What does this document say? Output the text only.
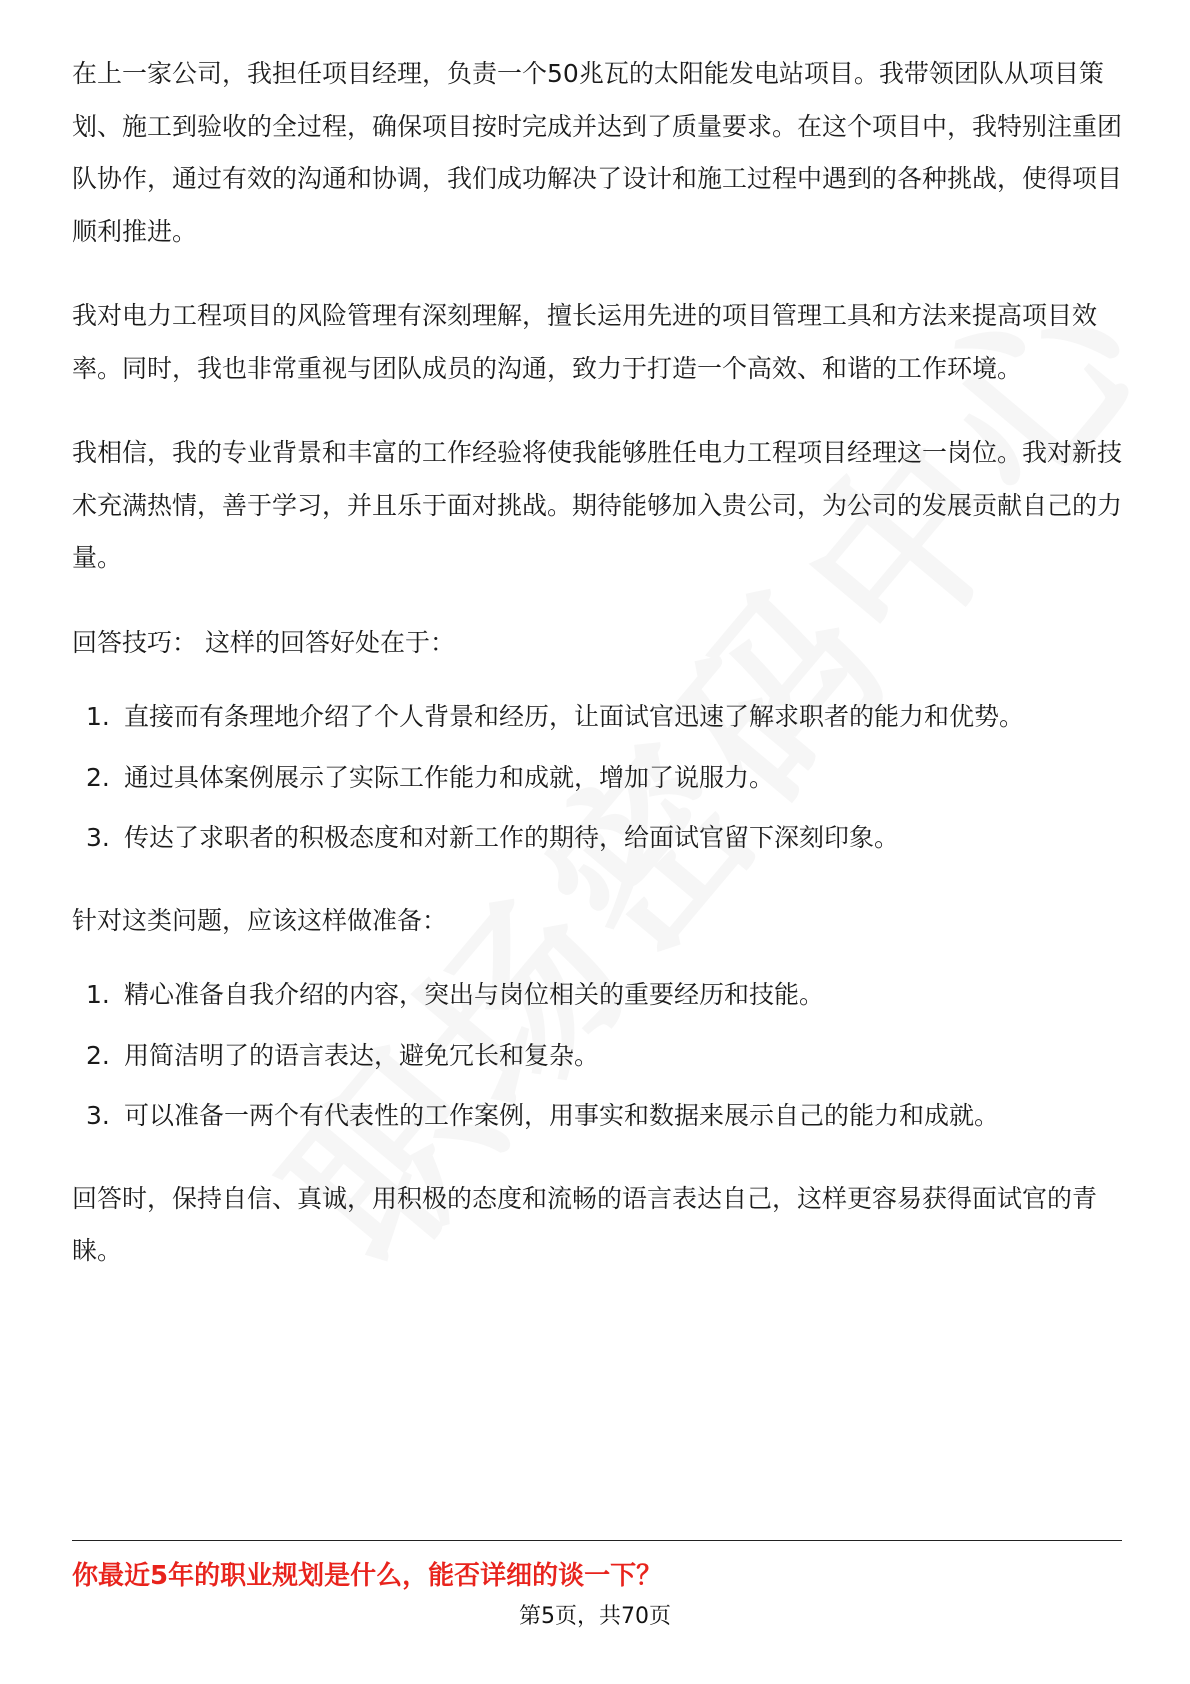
在上一家公司，我担任项目经理，负责一个50兆瓦的太阳能发电站项目。我带领团队从项目策划、施工到验收的全过程，确保项目按时完成并达到了质量要求。在这个项目中，我特别注重团队协作，通过有效的沟通和协调，我们成功解决了设计和施工过程中遇到的各种挑战，使得项目顺利推进。

我对电力工程项目的风险管理有深刻理解，擅长运用先进的项目管理工具和方法来提高项目效率。同时，我也非常重视与团队成员的沟通，致力于打造一个高效、和谐的工作环境。

我相信，我的专业背景和丰富的工作经验将使我能够胜任电力工程项目经理这一岗位。我对新技术充满热情，善于学习，并且乐于面对挑战。期待能够加入贵公司，为公司的发展贡献自己的力量。

回答技巧： 这样的回答好处在于：

1. 直接而有条理地介绍了个人背景和经历，让面试官迅速了解求职者的能力和优势。
2. 通过具体案例展示了实际工作能力和成就，增加了说服力。
3. 传达了求职者的积极态度和对新工作的期待，给面试官留下深刻印象。

针对这类问题，应该这样做准备：

1. 精心准备自我介绍的内容，突出与岗位相关的重要经历和技能。
2. 用简洁明了的语言表达，避免冗长和复杂。
3. 可以准备一两个有代表性的工作案例，用事实和数据来展示自己的能力和成就。

回答时，保持自信、真诚，用积极的态度和流畅的语言表达自己，这样更容易获得面试官的青睐。

你最近5年的职业规划是什么，能否详细的谈一下？
第5页，共70页
